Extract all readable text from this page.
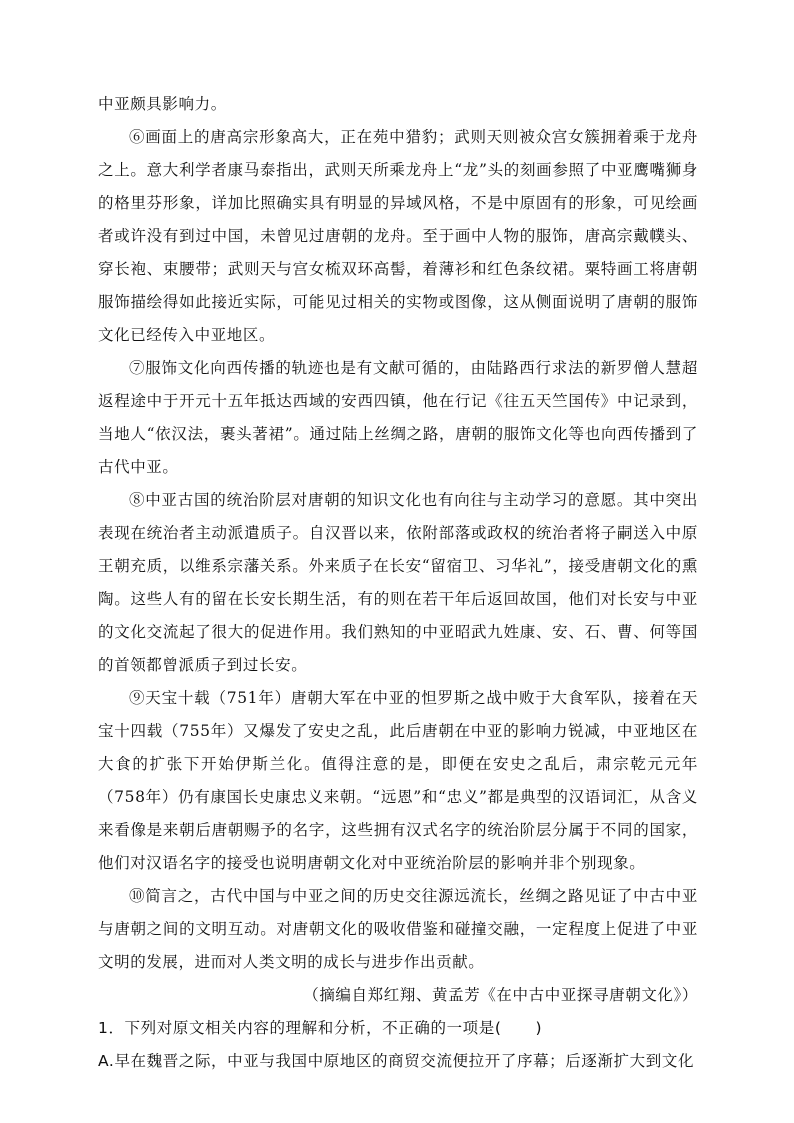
中亚颇具影响力。

⑥画面上的唐高宗形象高大，正在苑中猎豹；武则天则被众宫女簇拥着乘于龙舟之上。意大利学者康马泰指出，武则天所乘龙舟上“龙”头的刻画参照了中亚鹰嘴狮身的格里芬形象，详加比照确实具有明显的异域风格，不是中原固有的形象，可见绘画者或许没有到过中国，未曾见过唐朝的龙舟。至于画中人物的服饰，唐高宗戴幞头、穿长袍、束腰带；武则天与宫女梳双环高髻，着薄衫和红色条纹裙。粟特画工将唐朝服饰描绘得如此接近实际，可能见过相关的实物或图像，这从侧面说明了唐朝的服饰文化已经传入中亚地区。

⑦服饰文化向西传播的轨迹也是有文献可循的，由陆路西行求法的新罗僧人慧超返程途中于开元十五年抵达西域的安西四镇，他在行记《往五天竺国传》中记录到，当地人“依汉法，裹头著裙”。通过陆上丝绸之路，唐朝的服饰文化等也向西传播到了古代中亚。

⑧中亚古国的统治阶层对唐朝的知识文化也有向往与主动学习的意愿。其中突出表现在统治者主动派遣质子。自汉晋以来，依附部落或政权的统治者将子嗣送入中原王朝充质，以维系宗藩关系。外来质子在长安“留宿卫、习华礼”，接受唐朝文化的熏陶。这些人有的留在长安长期生活，有的则在若干年后返回故国，他们对长安与中亚的文化交流起了很大的促进作用。我们熟知的中亚昭武九姓康、安、石、曹、何等国的首领都曾派质子到过长安。

⑨天宝十载（751年）唐朝大军在中亚的怛罗斯之战中败于大食军队，接着在天宝十四载（755年）又爆发了安史之乱，此后唐朝在中亚的影响力锐减，中亚地区在大食的扩张下开始伊斯兰化。值得注意的是，即便在安史之乱后，肃宗乾元元年（758年）仍有康国长史康忠义来朝。“远恩”和“忠义”都是典型的汉语词汇，从含义来看像是来朝后唐朝赐予的名字，这些拥有汉式名字的统治阶层分属于不同的国家，他们对汉语名字的接受也说明唐朝文化对中亚统治阶层的影响并非个别现象。

⑩简言之，古代中国与中亚之间的历史交往源远流长，丝绸之路见证了中古中亚与唐朝之间的文明互动。对唐朝文化的吸收借鉴和碰撞交融，一定程度上促进了中亚文明的发展，进而对人类文明的成长与进步作出贡献。

（摘编自郑红翔、黄孟芳《在中古中亚探寻唐朝文化》）

1．下列对原文相关内容的理解和分析，不正确的一项是( )

A.早在魏晋之际，中亚与我国中原地区的商贸交流便拉开了序幕；后逐渐扩大到文化
